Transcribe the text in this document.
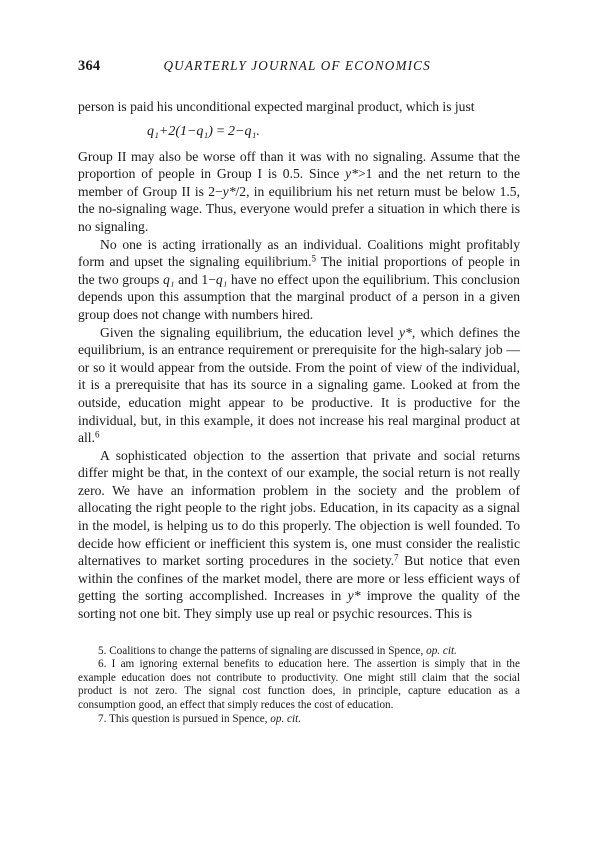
364	QUARTERLY JOURNAL OF ECONOMICS

person is paid his unconditional expected marginal product, which is just

q₁+2(1−q₁) = 2−q₁.

Group II may also be worse off than it was with no signaling. Assume that the proportion of people in Group I is 0.5. Since y*>1 and the net return to the member of Group II is 2−y*/2, in equilibrium his net return must be below 1.5, the no-signaling wage. Thus, everyone would prefer a situation in which there is no signaling.

No one is acting irrationally as an individual. Coalitions might profitably form and upset the signaling equilibrium.$^5$ The initial proportions of people in the two groups q₁ and 1−q₁ have no effect upon the equilibrium. This conclusion depends upon this assumption that the marginal product of a person in a given group does not change with numbers hired.

Given the signaling equilibrium, the education level y*, which defines the equilibrium, is an entrance requirement or prerequisite for the high-salary job — or so it would appear from the outside. From the point of view of the individual, it is a prerequisite that has its source in a signaling game. Looked at from the outside, education might appear to be productive. It is productive for the individual, but, in this example, it does not increase his real marginal product at all.$^6$

A sophisticated objection to the assertion that private and social returns differ might be that, in the context of our example, the social return is not really zero. We have an information problem in the society and the problem of allocating the right people to the right jobs. Education, in its capacity as a signal in the model, is helping us to do this properly. The objection is well founded. To decide how efficient or inefficient this system is, one must consider the realistic alternatives to market sorting procedures in the society.$^7$ But notice that even within the confines of the market model, there are more or less efficient ways of getting the sorting accomplished. Increases in y* improve the quality of the sorting not one bit. They simply use up real or psychic resources. This is

5. Coalitions to change the patterns of signaling are discussed in Spence, op. cit.

6. I am ignoring external benefits to education here. The assertion is simply that in the example education does not contribute to productivity. One might still claim that the social product is not zero. The signal cost function does, in principle, capture education as a consumption good, an effect that simply reduces the cost of education.

7. This question is pursued in Spence, op. cit.
